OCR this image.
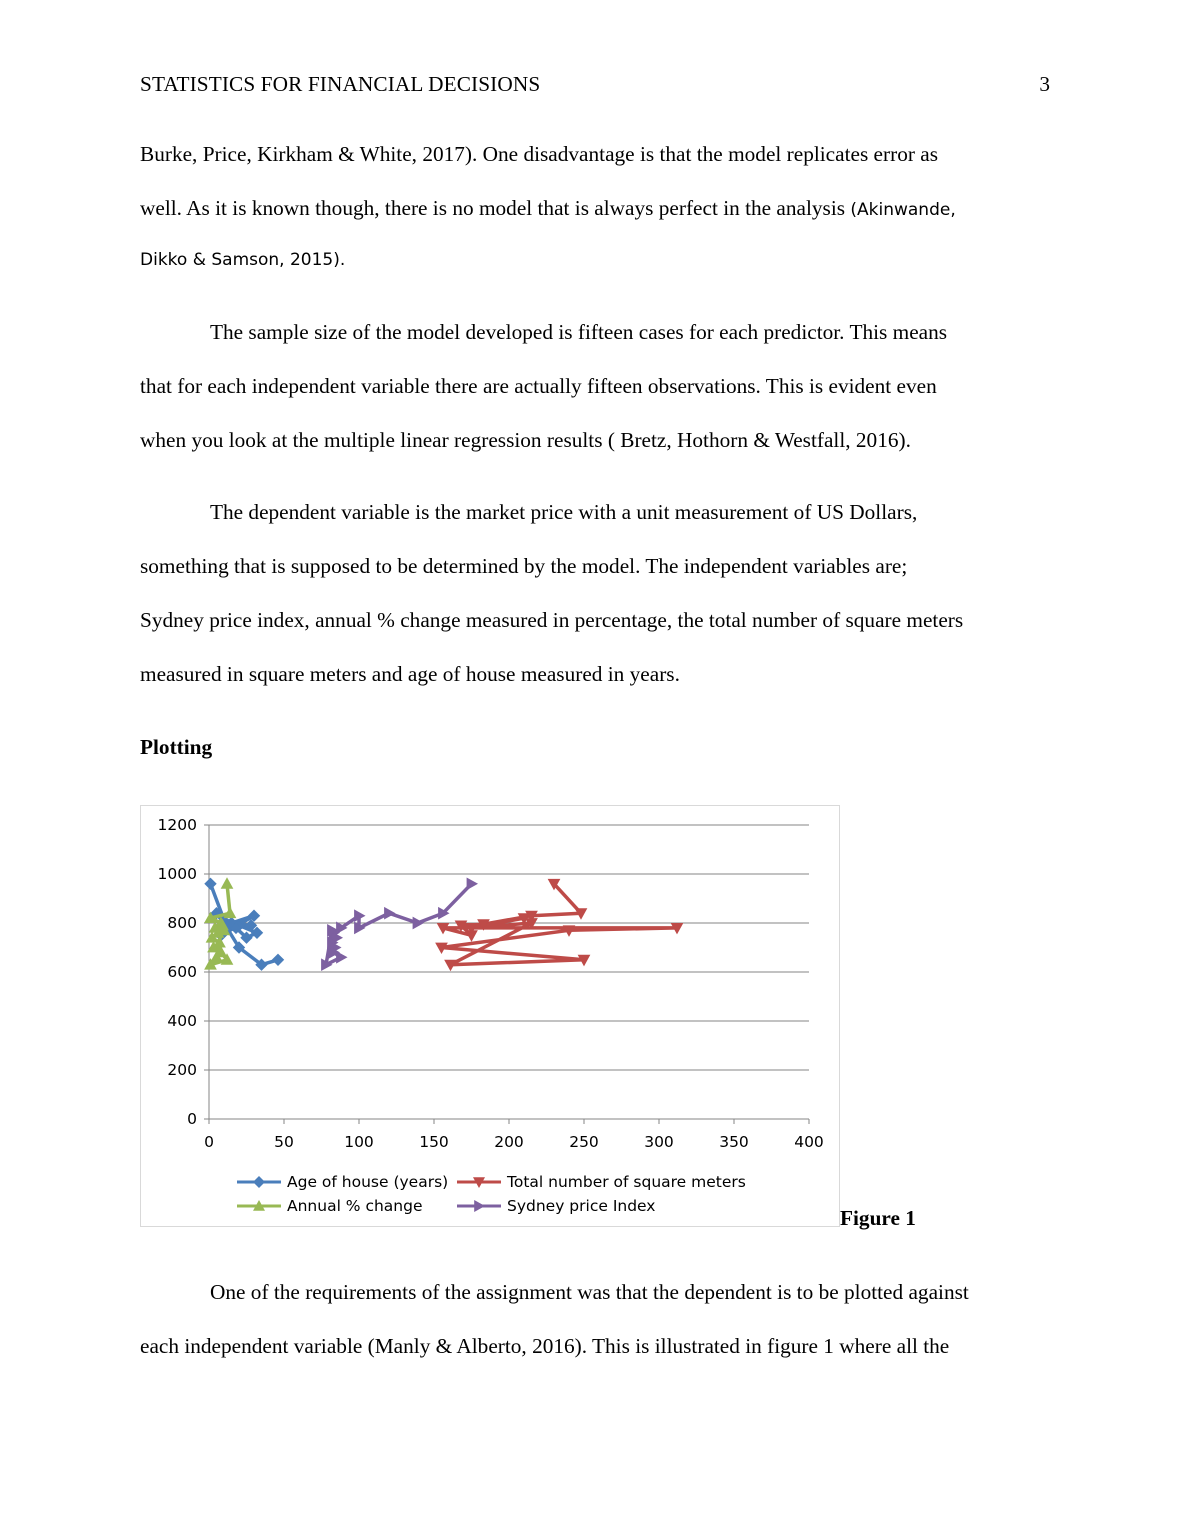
STATISTICS FOR FINANCIAL DECISIONS	3
Burke, Price, Kirkham & White, 2017). One disadvantage is that the model replicates error as
well. As it is known though, there is no model that is always perfect in the analysis (Akinwande,
Dikko & Samson, 2015).
The sample size of the model developed is fifteen cases for each predictor. This means
that for each independent variable there are actually fifteen observations. This is evident even
when you look at the multiple linear regression results ( Bretz, Hothorn & Westfall, 2016).
The dependent variable is the market price with a unit measurement of US Dollars,
something that is supposed to be determined by the model. The independent variables are;
Sydney price index, annual % change measured in percentage, the total number of square meters
measured in square meters and age of house measured in years.
Plotting
0
200
400
600
800
1000
1200
0	50	100	150	200	250	300	350	400
Age of house (years)	Total number of square meters
Annual % change	Sydney price Index	Figure 1
One of the requirements of the assignment was that the dependent is to be plotted against
each independent variable (Manly & Alberto, 2016). This is illustrated in figure 1 where all the
